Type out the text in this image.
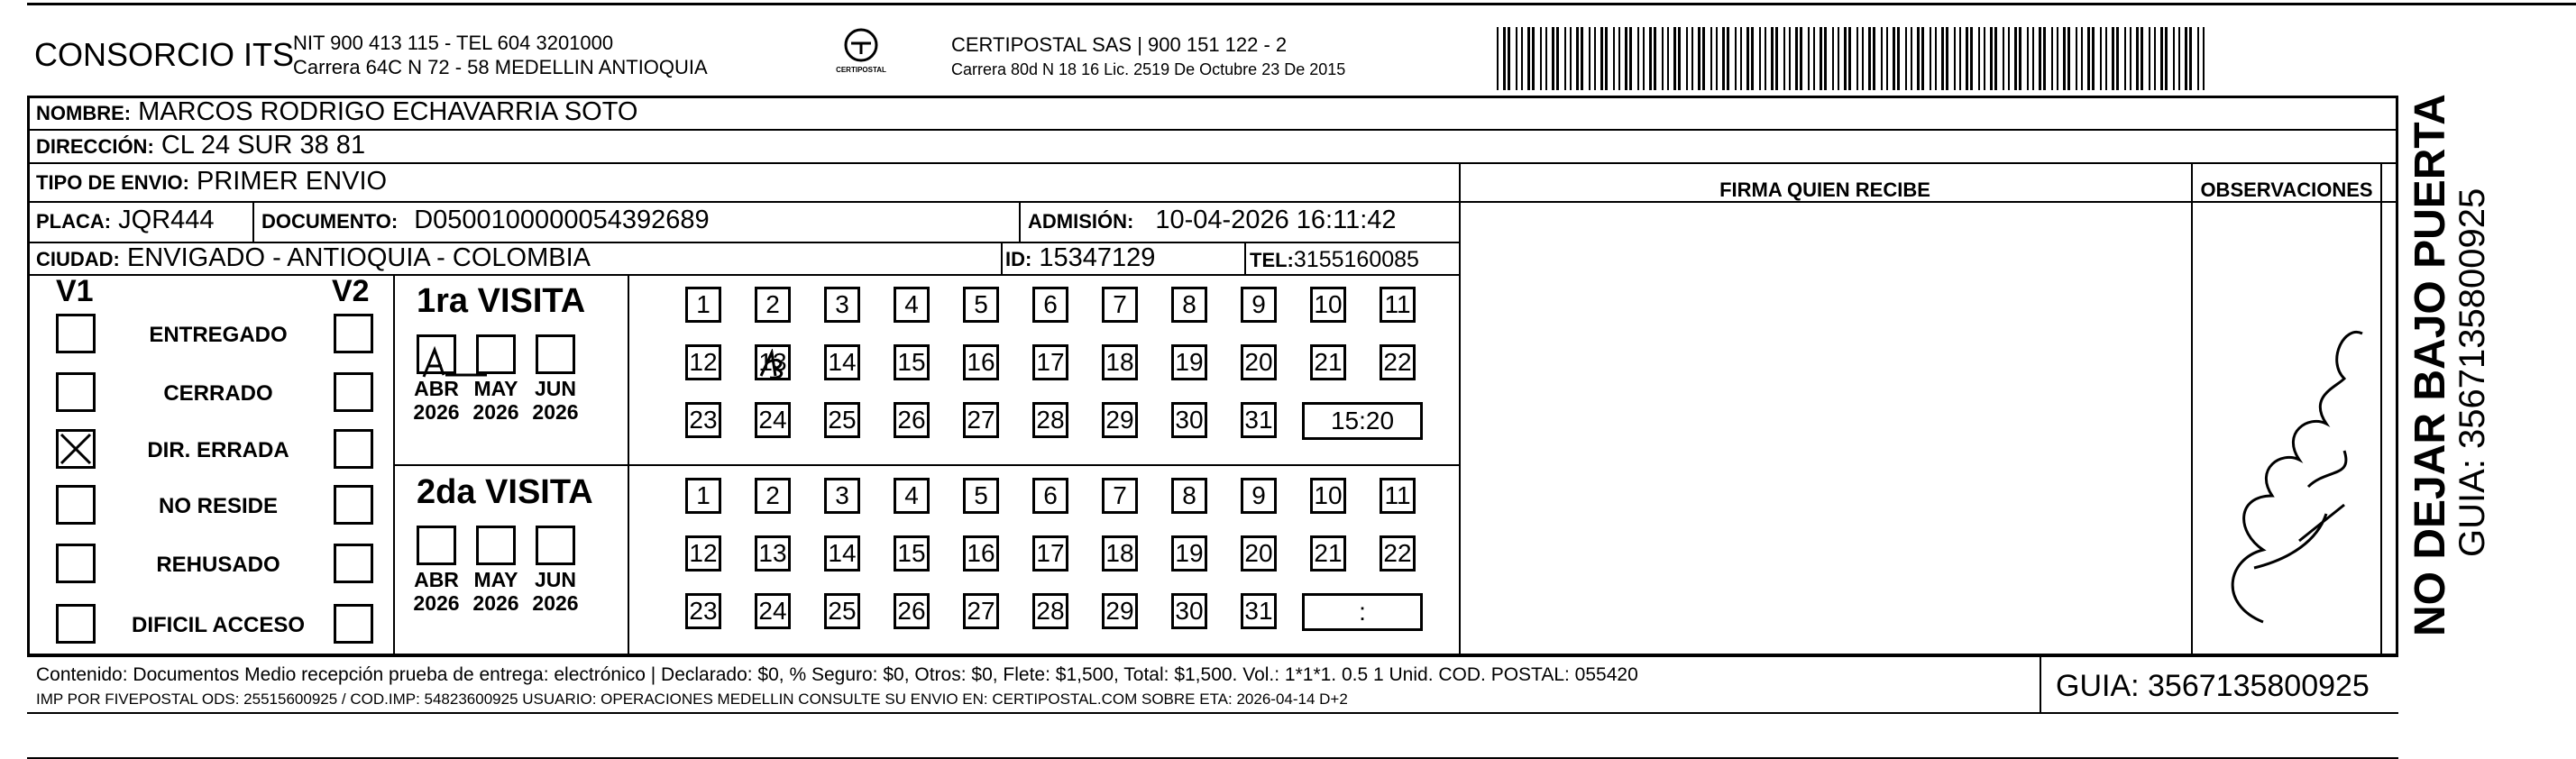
CONSORCIO ITS
NIT 900 413 115 - TEL 604 3201000
Carrera 64C N 72 - 58 MEDELLIN ANTIOQUIA	CERTIPOSTAL
CERTIPOSTAL SAS | 900 151 122 - 2
Carrera 80d N 18 16 Lic. 2519 De Octubre 23 De 2015
NOMBRE: MARCOS RODRIGO ECHAVARRIA SOTO
DIRECCIÓN: CL 24 SUR 38 81
TIPO DE ENVIO: PRIMER ENVIO	FIRMA QUIEN RECIBE	OBSERVACIONES
PLACA: JQR444 DOCUMENTO: D0500100000054392689	ADMISIÓN: 10-04-2026 16:11:42
CIUDAD: ENVIGADO - ANTIOQUIA - COLOMBIA	ID: 15347129	TEL:3155160085
V1	V2
ENTREGADO
CERRADO
DIR. ERRADA
NO RESIDE
REHUSADO
DIFICIL ACCESO
1ra VISITA
2da VISITA
ABR
2026
MAY
2026
JUN
2026
1	2	3	4	5	6	7	8	9	10 11
12 13 14 15 16 17 18 19 20 21 22
23 24 25 26 27 28 29 30 31	15:20
ABR
2026
MAY
2026
JUN
2026
1	2	3	4	5	6	7	8	9	10 11
12 13 14 15 16 17 18 19 20 21 22
23 24 25 26 27 28 29 30 31	:
Contenido: Documentos Medio recepción prueba de entrega: electrónico | Declarado: $0, % Seguro: $0, Otros: $0, Flete: $1,500, Total: $1,500. Vol.: 1*1*1. 0.5 1 Unid. COD. POSTAL: 055420
IMP POR FIVEPOSTAL ODS: 25515600925 / COD.IMP: 54823600925 USUARIO: OPERACIONES MEDELLIN CONSULTE SU ENVIO EN: CERTIPOSTAL.COM SOBRE ETA: 2026-04-14 D+2	GUIA: 3567135800925
NO DEJAR BAJO PUERTA
GUIA: 3567135800925
